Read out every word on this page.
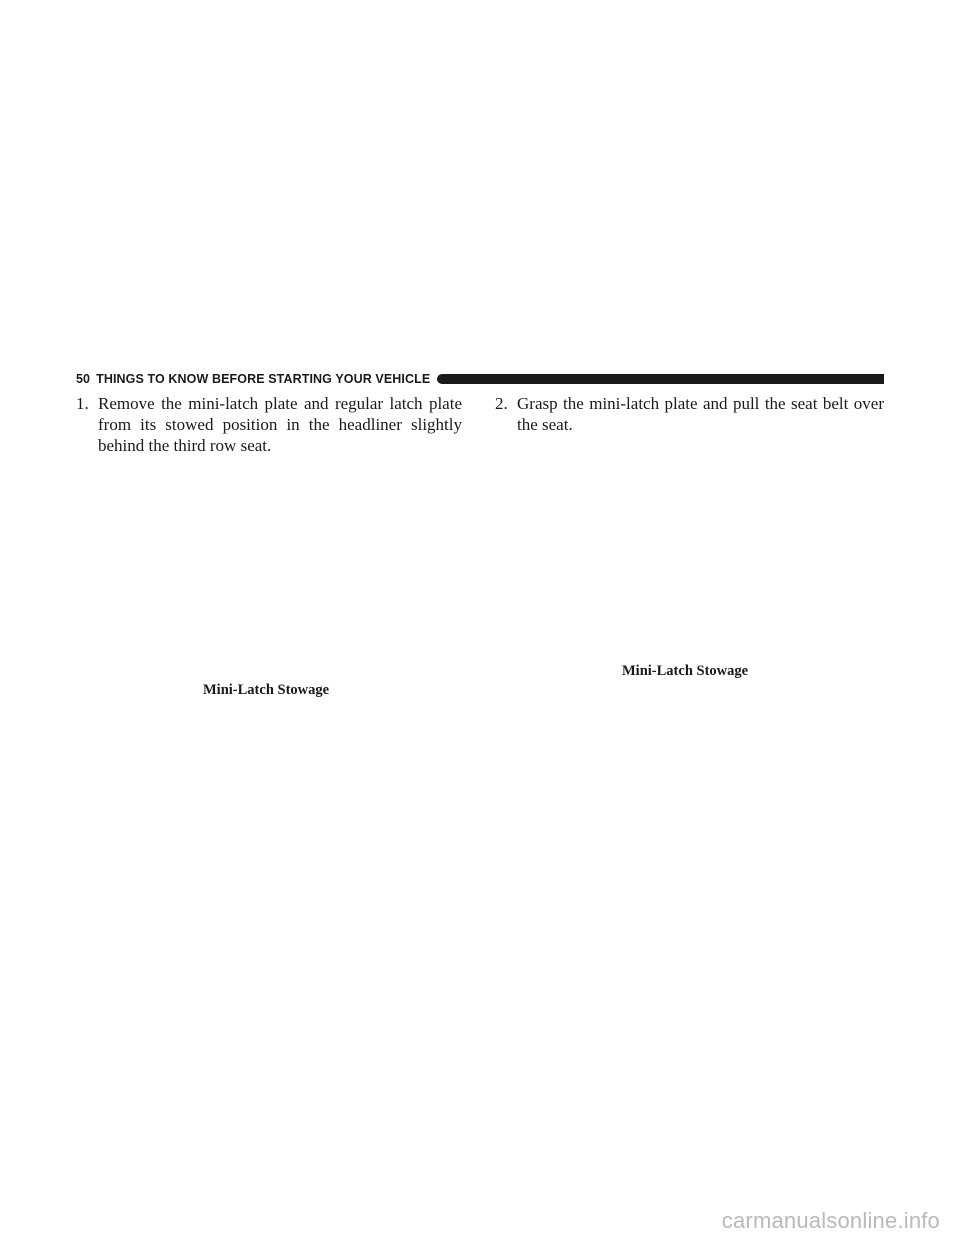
50 THINGS TO KNOW BEFORE STARTING YOUR VEHICLE
1. Remove the mini-latch plate and regular latch plate from its stowed position in the headliner slightly behind the third row seat.
2. Grasp the mini-latch plate and pull the seat belt over the seat.
Mini-Latch Stowage
Mini-Latch Stowage
carmanualsonline.info
